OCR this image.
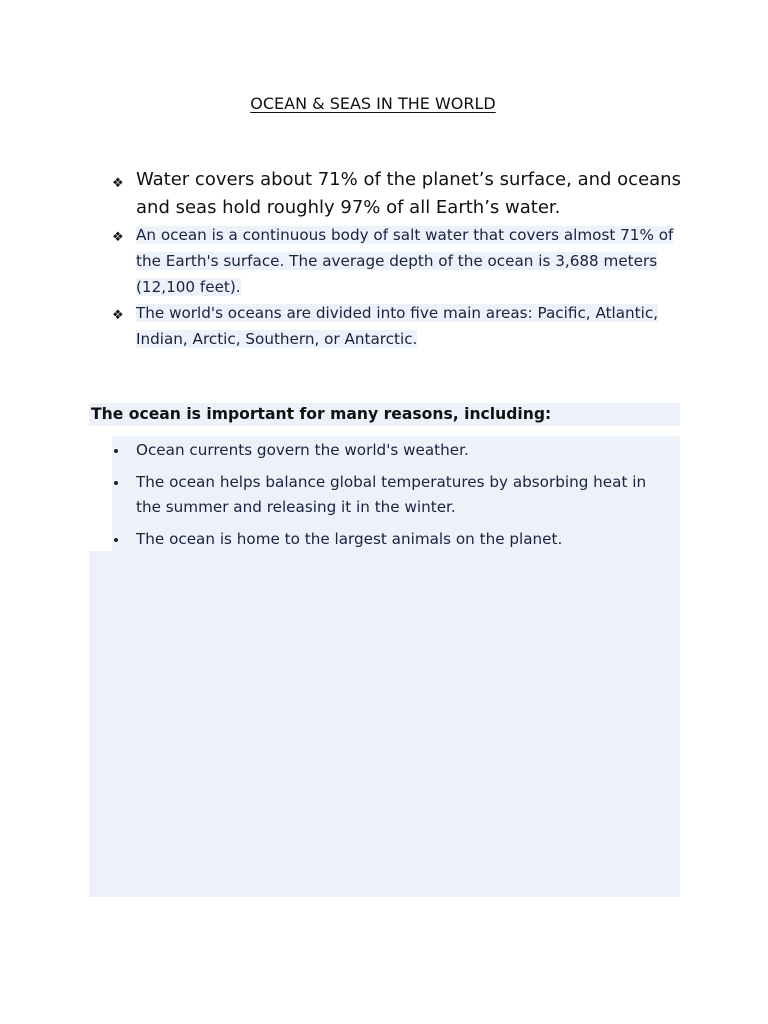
OCEAN & SEAS IN THE WORLD
❖ Water covers about 71% of the planet’s surface, and oceans and seas hold roughly 97% of all Earth’s water.
❖ An ocean is a continuous body of salt water that covers almost 71% of the Earth's surface. The average depth of the ocean is 3,688 meters (12,100 feet).
❖ The world's oceans are divided into five main areas: Pacific, Atlantic, Indian, Arctic, Southern, or Antarctic.
The ocean is important for many reasons, including:
Ocean currents govern the world's weather.
The ocean helps balance global temperatures by absorbing heat in the summer and releasing it in the winter.
The ocean is home to the largest animals on the planet.
